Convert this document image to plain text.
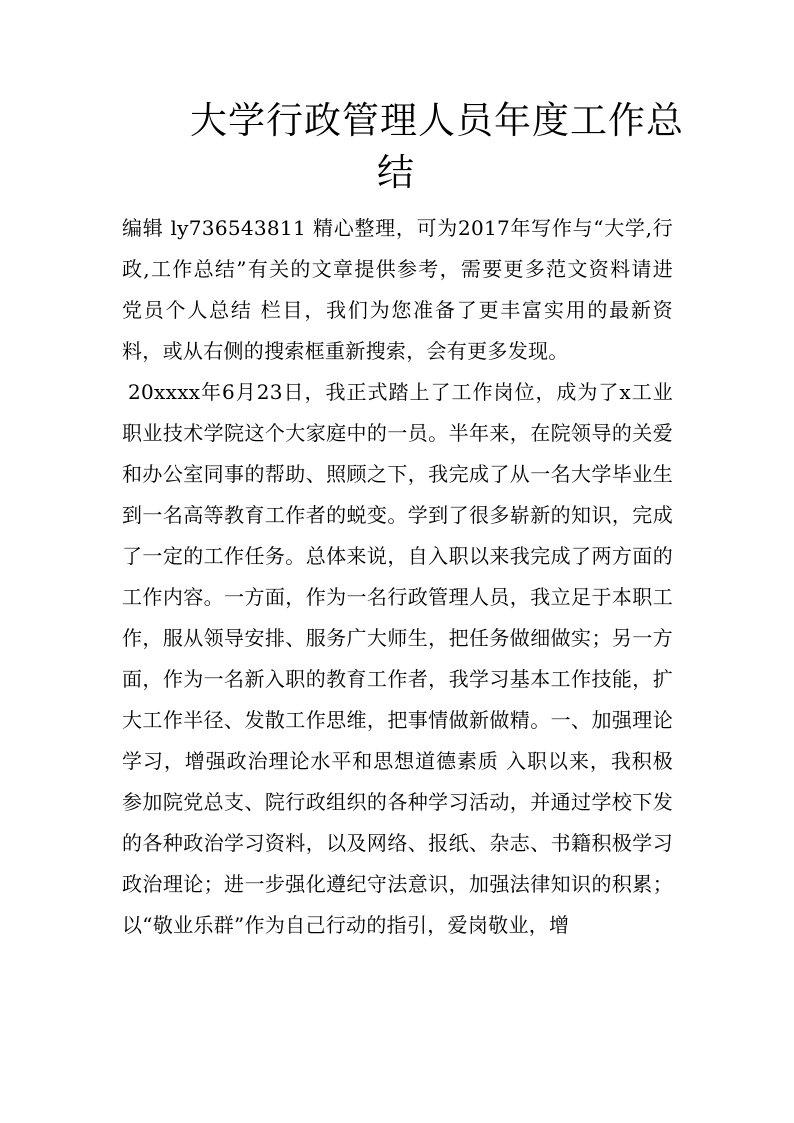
大学行政管理人员年度工作总
结

编辑 ly736543811 精心整理，可为2017年写作与“大学,行政,工作总结”有关的文章提供参考，需要更多范文资料请进 党员个人总结 栏目，我们为您准备了更丰富实用的最新资料，或从右侧的搜索框重新搜索，会有更多发现。

20xxxx年6月23日，我正式踏上了工作岗位，成为了x工业职业技术学院这个大家庭中的一员。半年来，在院领导的关爱和办公室同事的帮助、照顾之下，我完成了从一名大学毕业生到一名高等教育工作者的蜕变。学到了很多崭新的知识，完成了一定的工作任务。总体来说，自入职以来我完成了两方面的工作内容。一方面，作为一名行政管理人员，我立足于本职工作，服从领导安排、服务广大师生，把任务做细做实；另一方面，作为一名新入职的教育工作者，我学习基本工作技能，扩大工作半径、发散工作思维，把事情做新做精。一、加强理论学习，增强政治理论水平和思想道德素质 入职以来，我积极参加院党总支、院行政组织的各种学习活动，并通过学校下发的各种政治学习资料，以及网络、报纸、杂志、书籍积极学习政治理论；进一步强化遵纪守法意识，加强法律知识的积累；以“敬业乐群”作为自己行动的指引，爱岗敬业，增
